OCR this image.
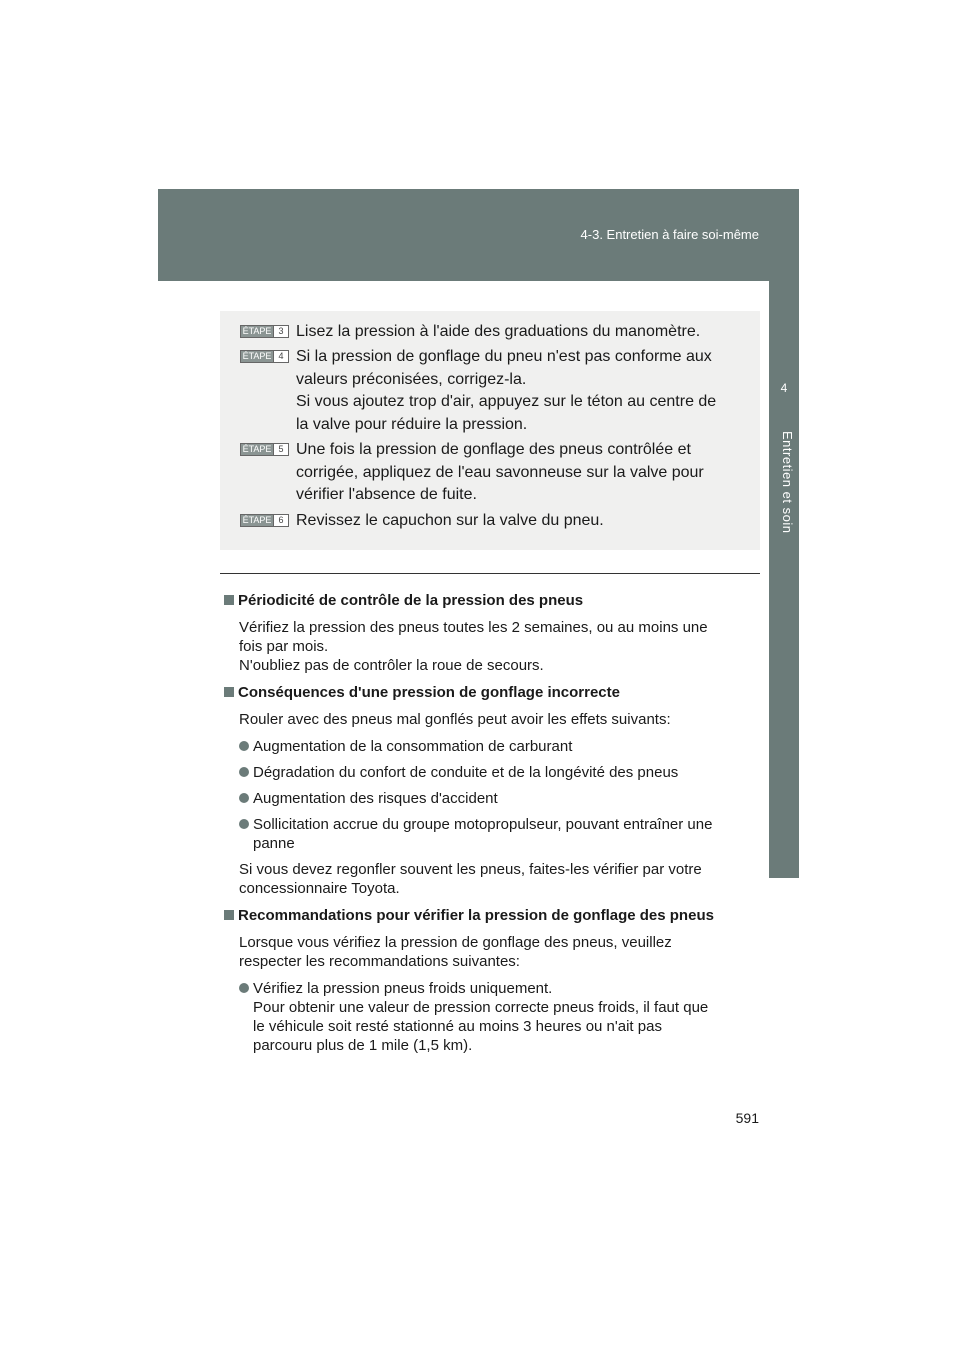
4-3. Entretien à faire soi-même
4
Entretien et soin
ÉTAPE 3 Lisez la pression à l'aide des graduations du manomètre.
ÉTAPE 4 Si la pression de gonflage du pneu n'est pas conforme aux
valeurs préconisées, corrigez-la.
Si vous ajoutez trop d'air, appuyez sur le téton au centre de
la valve pour réduire la pression.
ÉTAPE 5 Une fois la pression de gonflage des pneus contrôlée et
corrigée, appliquez de l'eau savonneuse sur la valve pour
vérifier l'absence de fuite.
ÉTAPE 6 Revissez le capuchon sur la valve du pneu.
Périodicité de contrôle de la pression des pneus
Vérifiez la pression des pneus toutes les 2 semaines, ou au moins une
fois par mois.
N'oubliez pas de contrôler la roue de secours.
Conséquences d'une pression de gonflage incorrecte
Rouler avec des pneus mal gonflés peut avoir les effets suivants:
Augmentation de la consommation de carburant
Dégradation du confort de conduite et de la longévité des pneus
Augmentation des risques d'accident
Sollicitation accrue du groupe motopropulseur, pouvant entraîner une
panne
Si vous devez regonfler souvent les pneus, faites-les vérifier par votre
concessionnaire Toyota.
Recommandations pour vérifier la pression de gonflage des pneus
Lorsque vous vérifiez la pression de gonflage des pneus, veuillez
respecter les recommandations suivantes:
Vérifiez la pression pneus froids uniquement.
Pour obtenir une valeur de pression correcte pneus froids, il faut que
le véhicule soit resté stationné au moins 3 heures ou n'ait pas
parcouru plus de 1 mile (1,5 km).
591
